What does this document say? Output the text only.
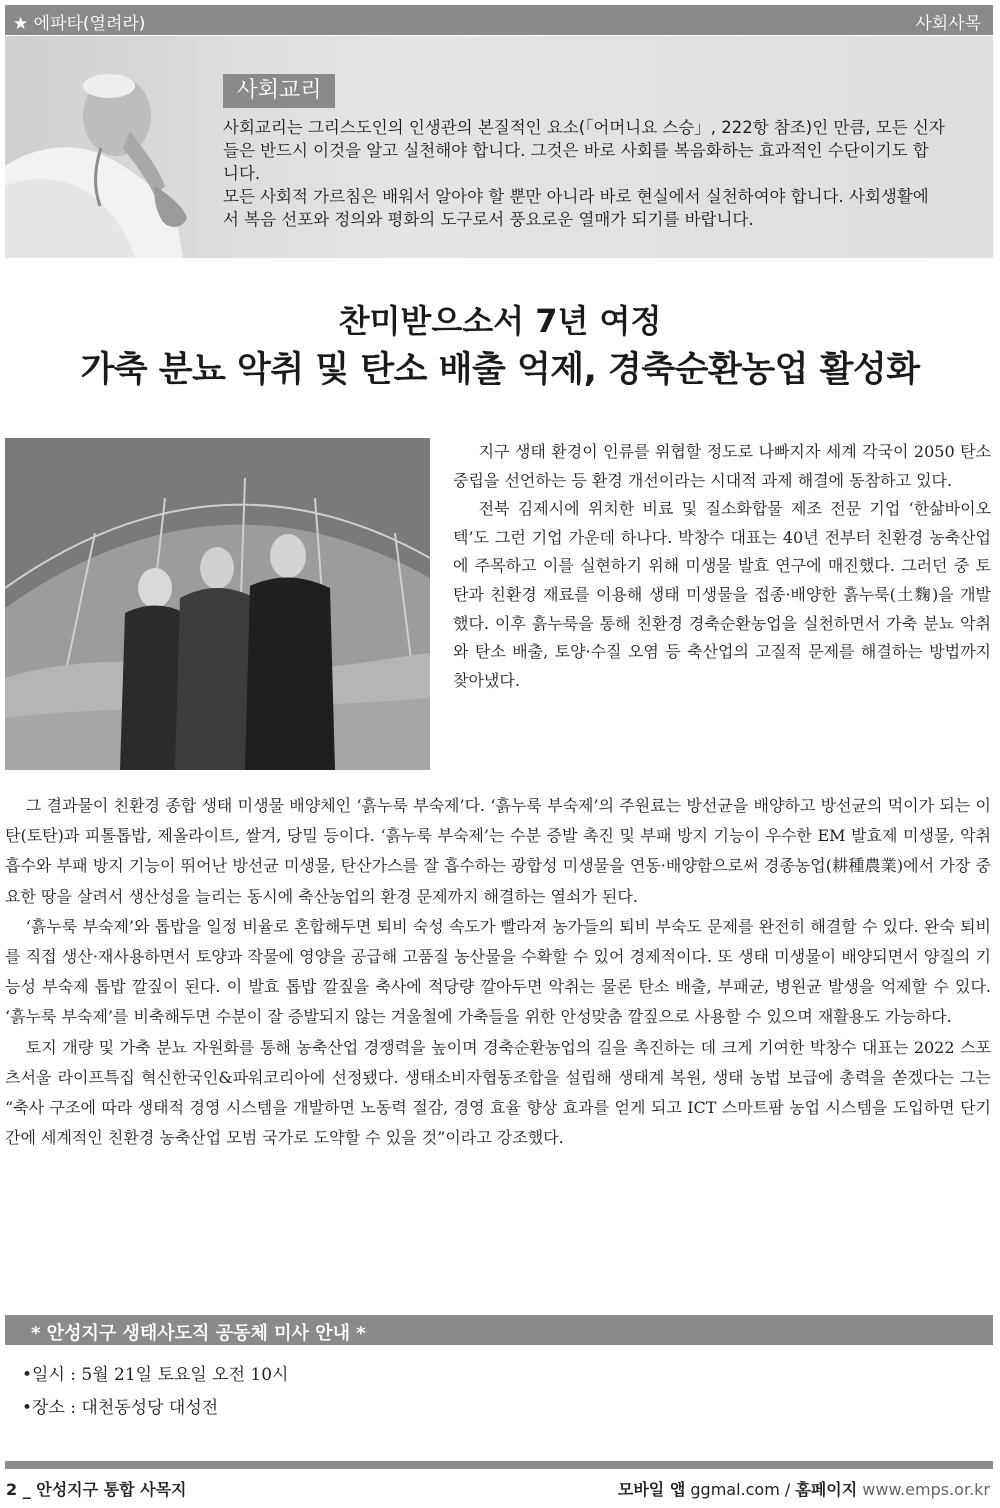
★ 에파타(열려라)	사회사목
사회교리

사회교리는 그리스도인의 인생관의 본질적인 요소(「어머니요 스승」, 222항 참조)인 만큼, 모든 신자

들은 반드시 이것을 알고 실천해야 합니다. 그것은 바로 사회를 복음화하는 효과적인 수단이기도 합

니다.

모든 사회적 가르침은 배워서 알아야 할 뿐만 아니라 바로 현실에서 실천하여야 합니다. 사회생활에

서 복음 선포와 정의와 평화의 도구로서 풍요로운 열매가 되기를 바랍니다.

찬미받으소서 7년 여정
가축 분뇨 악취 및 탄소 배출 억제, 경축순환농업 활성화

지구 생태 환경이 인류를 위협할 정도로 나빠지자 세계 각국이 2050 탄소중립을 선언하는 등 환경 개선이라는 시대적 과제 해결에 동참하고 있다.

전북 김제시에 위치한 비료 및 질소화합물 제조 전문 기업 ‘한삶바이오텍’도 그런 기업 가운데 하나다. 박창수 대표는 40년 전부터 친환경 농축산업에 주목하고 이를 실현하기 위해 미생물 발효 연구에 매진했다. 그러던 중 토탄과 친환경 재료를 이용해 생태 미생물을 접종·배양한 흙누룩(土麴)을 개발했다. 이후 흙누룩을 통해 친환경 경축순환농업을 실천하면서 가축 분뇨 악취와 탄소 배출, 토양·수질 오염 등 축산업의 고질적 문제를 해결하는 방법까지 찾아냈다.

그 결과물이 친환경 종합 생태 미생물 배양체인 ‘흙누룩 부숙제’다. ‘흙누룩 부숙제’의 주원료는 방선균을 배양하고 방선균의 먹이가 되는 이탄(토탄)과 피톨톱밥, 제올라이트, 쌀겨, 당밀 등이다. ‘흙누룩 부숙제’는 수분 증발 촉진 및 부패 방지 기능이 우수한 EM 발효제 미생물, 악취 흡수와 부패 방지 기능이 뛰어난 방선균 미생물, 탄산가스를 잘 흡수하는 광합성 미생물을 연동·배양함으로써 경종농업(耕種農業)에서 가장 중요한 땅을 살려서 생산성을 늘리는 동시에 축산농업의 환경 문제까지 해결하는 열쇠가 된다.

‘흙누룩 부숙제’와 톱밥을 일정 비율로 혼합해두면 퇴비 숙성 속도가 빨라져 농가들의 퇴비 부숙도 문제를 완전히 해결할 수 있다. 완숙 퇴비를 직접 생산·재사용하면서 토양과 작물에 영양을 공급해 고품질 농산물을 수확할 수 있어 경제적이다. 또 생태 미생물이 배양되면서 양질의 기능성 부숙제 톱밥 깔짚이 된다. 이 발효 톱밥 깔짚을 축사에 적당량 깔아두면 악취는 물론 탄소 배출, 부패균, 병원균 발생을 억제할 수 있다. ‘흙누룩 부숙제’를 비축해두면 수분이 잘 증발되지 않는 겨울철에 가축들을 위한 안성맞춤 깔짚으로 사용할 수 있으며 재활용도 가능하다.

토지 개량 및 가축 분뇨 자원화를 통해 농축산업 경쟁력을 높이며 경축순환농업의 길을 촉진하는 데 크게 기여한 박창수 대표는 2022 스포츠서울 라이프특집 혁신한국인&파워코리아에 선정됐다. 생태소비자협동조합을 설립해 생태계 복원, 생태 농법 보급에 총력을 쏟겠다는 그는 “축사 구조에 따라 생태적 경영 시스템을 개발하면 노동력 절감, 경영 효율 향상 효과를 얻게 되고 ICT 스마트팜 농업 시스템을 도입하면 단기간에 세계적인 친환경 농축산업 모범 국가로 도약할 수 있을 것”이라고 강조했다.

* 안성지구 생태사도직 공동체 미사 안내 *
•일시 : 5월 21일 토요일 오전 10시
•장소 : 대천동성당 대성전
2 _ 안성지구 통합 사목지	모바일 앱 ggmal.com / 홈페이지 www.emps.or.kr
